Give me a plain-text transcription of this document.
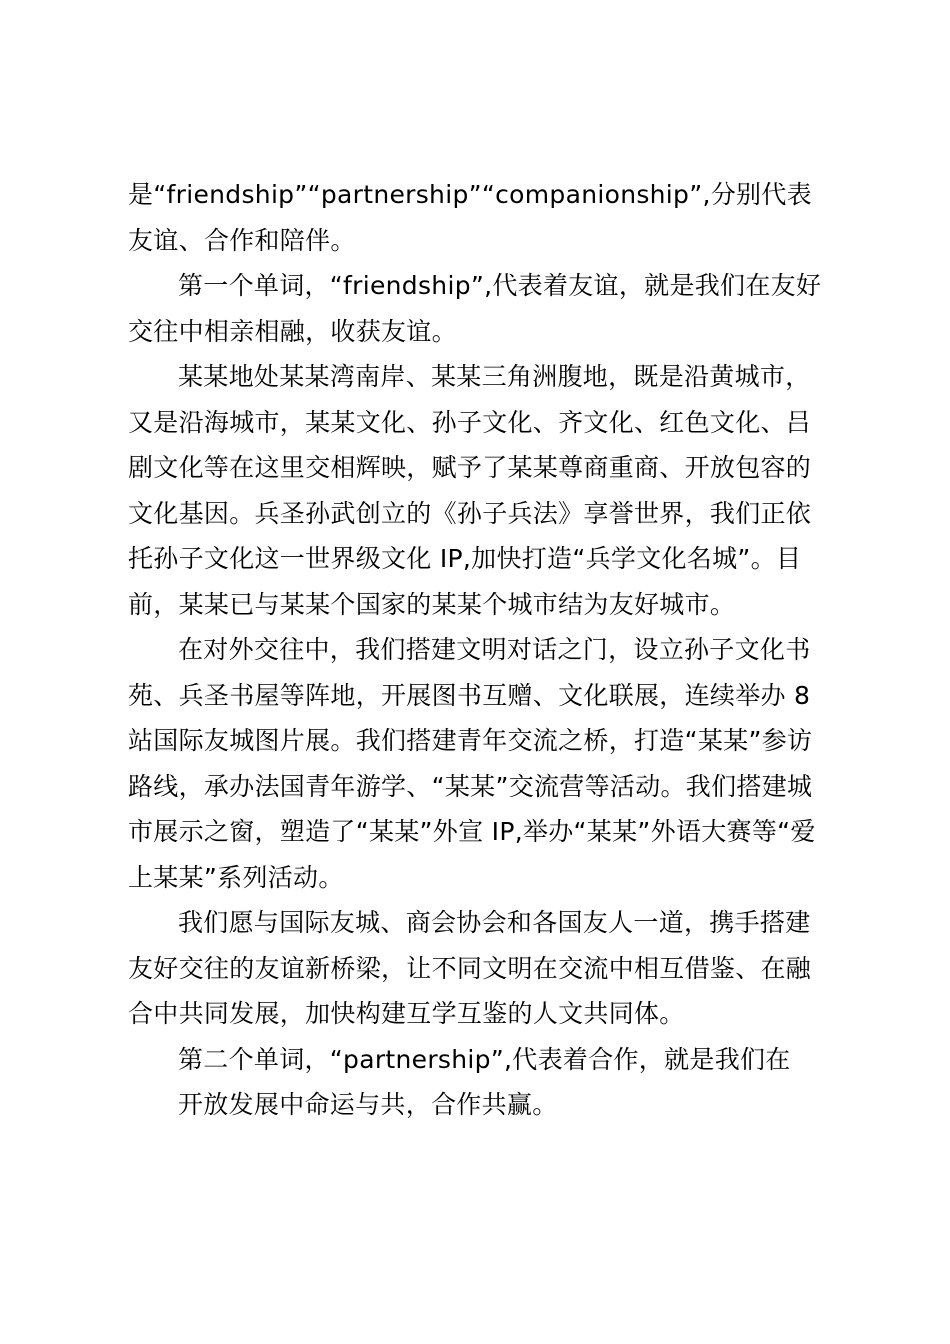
是“friendship”“partnership”“companionship”,分别代表
友谊、合作和陪伴。

第一个单词，“friendship”,代表着友谊，就是我们在友好
交往中相亲相融，收获友谊。

某某地处某某湾南岸、某某三角洲腹地，既是沿黄城市，
又是沿海城市，某某文化、孙子文化、齐文化、红色文化、吕
剧文化等在这里交相辉映，赋予了某某尊商重商、开放包容的
文化基因。兵圣孙武创立的《孙子兵法》享誉世界，我们正依
托孙子文化这一世界级文化 IP,加快打造“兵学文化名城”。目
前，某某已与某某个国家的某某个城市结为友好城市。

在对外交往中，我们搭建文明对话之门，设立孙子文化书
苑、兵圣书屋等阵地，开展图书互赠、文化联展，连续举办 8
站国际友城图片展。我们搭建青年交流之桥，打造“某某”参访
路线，承办法国青年游学、“某某”交流营等活动。我们搭建城
市展示之窗，塑造了“某某”外宣 IP,举办“某某”外语大赛等“爱
上某某”系列活动。

我们愿与国际友城、商会协会和各国友人一道，携手搭建
友好交往的友谊新桥梁，让不同文明在交流中相互借鉴、在融
合中共同发展，加快构建互学互鉴的人文共同体。

第二个单词，“partnership”,代表着合作，就是我们在

开放发展中命运与共，合作共赢。
